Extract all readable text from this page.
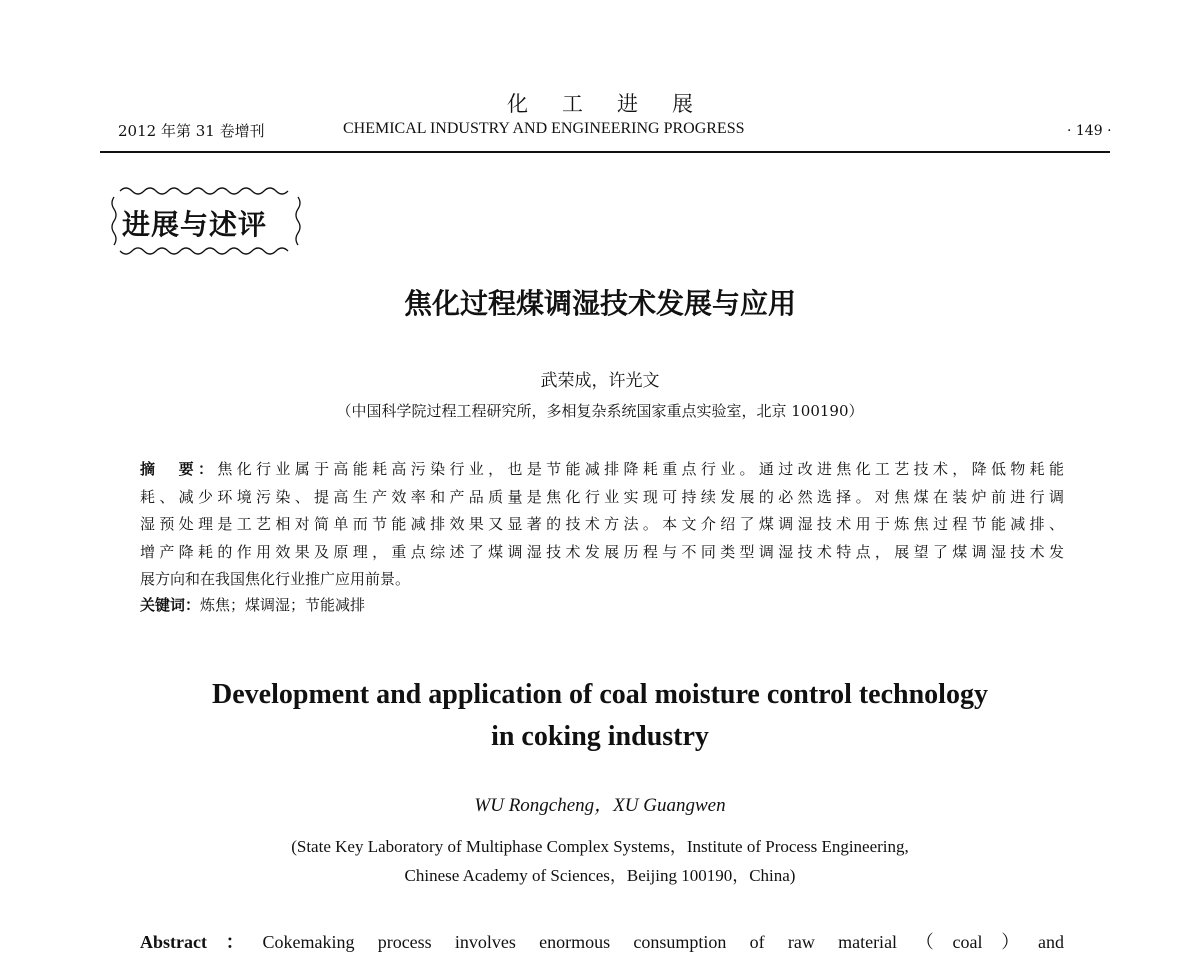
化工进展
2012 年第 31 卷增刊	CHEMICAL INDUSTRY AND ENGINEERING PROGRESS	· 149 ·
进展与述评
焦化过程煤调湿技术发展与应用
武荣成，许光文
（中国科学院过程工程研究所，多相复杂系统国家重点实验室，北京 100190）
摘　要：焦化行业属于高能耗高污染行业，也是节能减排降耗重点行业。通过改进焦化工艺技术，降低物耗能
耗、减少环境污染、提高生产效率和产品质量是焦化行业实现可持续发展的必然选择。对焦煤在装炉前进行调
湿预处理是工艺相对简单而节能减排效果又显著的技术方法。本文介绍了煤调湿技术用于炼焦过程节能减排、
增产降耗的作用效果及原理，重点综述了煤调湿技术发展历程与不同类型调湿技术特点，展望了煤调湿技术发
展方向和在我国焦化行业推广应用前景。
关键词：炼焦；煤调湿；节能减排
Development and application of coal moisture control technology
in coking industry
WU Rongcheng，XU Guangwen
(State Key Laboratory of Multiphase Complex Systems，Institute of Process Engineering,
Chinese Academy of Sciences，Beijing 100190，China)
Abstract：Cokemaking process involves enormous consumption of raw material（coal）and
